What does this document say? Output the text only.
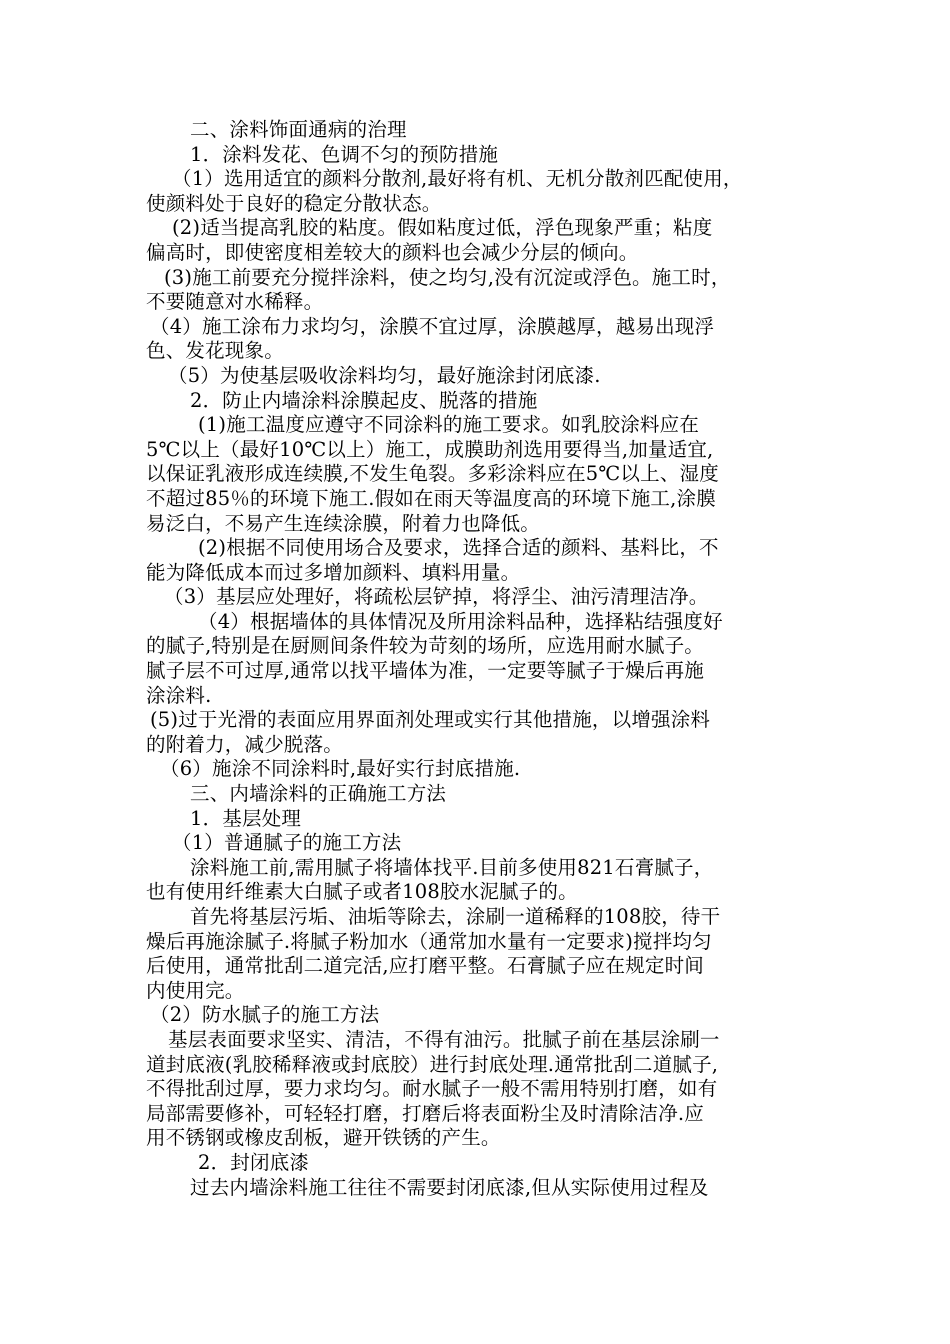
二、涂料饰面通病的治理

1．涂料发花、色调不匀的预防措施

（1）选用适宜的颜料分散剂,最好将有机、无机分散剂匹配使用，

使颜料处于良好的稳定分散状态。

(2)适当提高乳胶的粘度。假如粘度过低，浮色现象严重；粘度

偏高时，即使密度相差较大的颜料也会减少分层的倾向。

(3)施工前要充分搅拌涂料，使之均匀,没有沉淀或浮色。施工时，

不要随意对水稀释。

（4）施工涂布力求均匀，涂膜不宜过厚，涂膜越厚，越易出现浮

色、发花现象。

（5）为使基层吸收涂料均匀，最好施涂封闭底漆.

2．防止内墙涂料涂膜起皮、脱落的措施

(1)施工温度应遵守不同涂料的施工要求。如乳胶涂料应在

5℃以上（最好10℃以上）施工，成膜助剂选用要得当,加量适宜,

以保证乳液形成连续膜,不发生龟裂。多彩涂料应在5℃以上、湿度

不超过85％的环境下施工.假如在雨天等温度高的环境下施工,涂膜

易泛白，不易产生连续涂膜，附着力也降低。

(2)根据不同使用场合及要求，选择合适的颜料、基料比，不

能为降低成本而过多增加颜料、填料用量。

（3）基层应处理好，将疏松层铲掉，将浮尘、油污清理洁净。

（4）根据墙体的具体情况及所用涂料品种，选择粘结强度好

的腻子,特别是在厨厕间条件较为苛刻的场所，应选用耐水腻子。

腻子层不可过厚,通常以找平墙体为准，一定要等腻子于燥后再施

涂涂料.

(5)过于光滑的表面应用界面剂处理或实行其他措施，以增强涂料

的附着力，减少脱落。

（6）施涂不同涂料时,最好实行封底措施.

三、内墙涂料的正确施工方法

1．基层处理

（1）普通腻子的施工方法

涂料施工前,需用腻子将墙体找平.目前多使用821石膏腻子，

也有使用纤维素大白腻子或者108胶水泥腻子的。

首先将基层污垢、油垢等除去，涂刷一道稀释的108胶，待干

燥后再施涂腻子.将腻子粉加水（通常加水量有一定要求)搅拌均匀

后使用，通常批刮二道完活,应打磨平整。石膏腻子应在规定时间

内使用完。

（2）防水腻子的施工方法

基层表面要求坚实、清洁，不得有油污。批腻子前在基层涂刷一

道封底液(乳胶稀释液或封底胶）进行封底处理.通常批刮二道腻子,

不得批刮过厚，要力求均匀。耐水腻子一般不需用特别打磨，如有

局部需要修补，可轻轻打磨，打磨后将表面粉尘及时清除洁净.应

用不锈钢或橡皮刮板，避开铁锈的产生。

2．封闭底漆

过去内墙涂料施工往往不需要封闭底漆,但从实际使用过程及
